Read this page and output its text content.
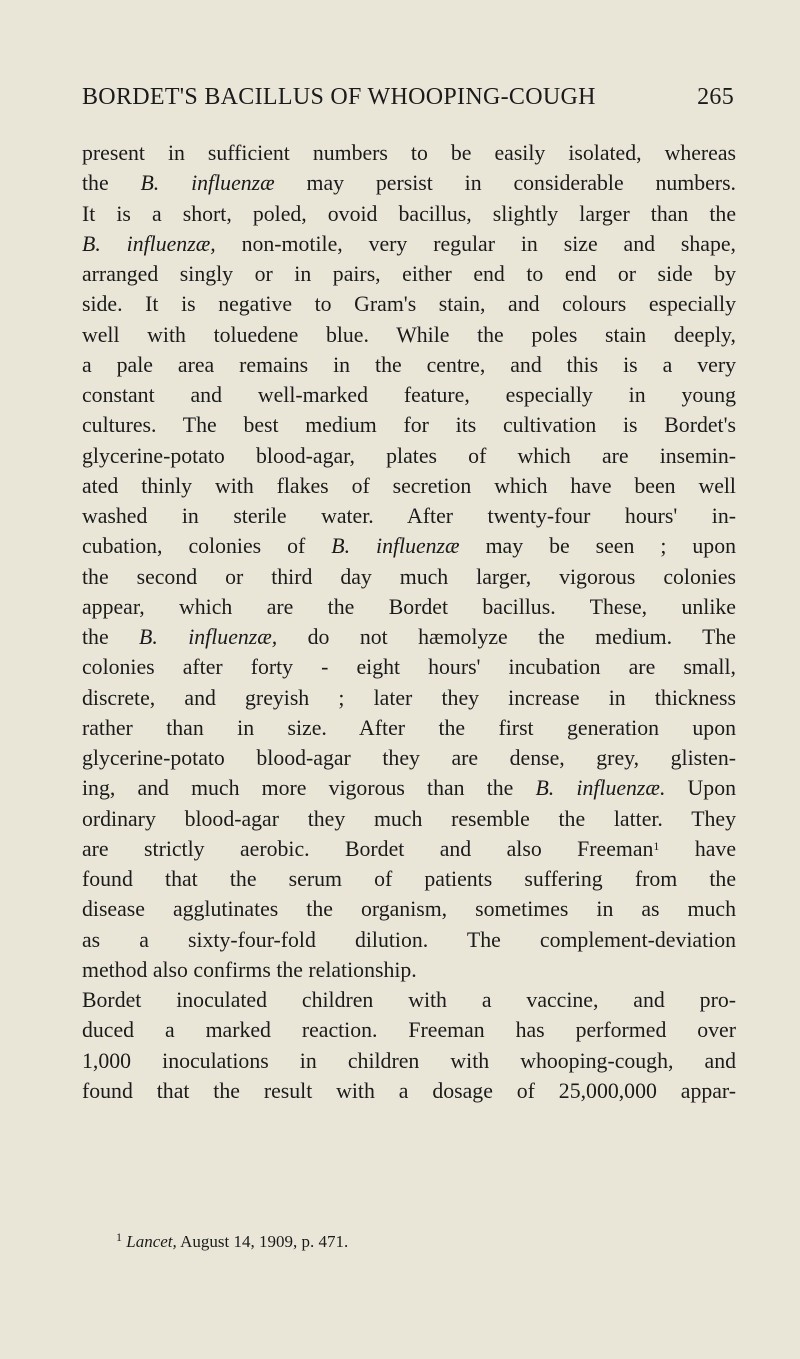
BORDET'S BACILLUS OF WHOOPING-COUGH	265
present in sufficient numbers to be easily isolated, whereas
the B. influenzæ may persist in considerable numbers.
It is a short, poled, ovoid bacillus, slightly larger than the
B. influenzæ, non-motile, very regular in size and shape,
arranged singly or in pairs, either end to end or side by
side. It is negative to Gram's stain, and colours especially
well with toluedene blue. While the poles stain deeply,
a pale area remains in the centre, and this is a very
constant and well-marked feature, especially in young
cultures. The best medium for its cultivation is Bordet's
glycerine-potato blood-agar, plates of which are insemin-
ated thinly with flakes of secretion which have been well
washed in sterile water. After twenty-four hours' in-
cubation, colonies of B. influenzæ may be seen ; upon
the second or third day much larger, vigorous colonies
appear, which are the Bordet bacillus. These, unlike
the B. influenzæ, do not hæmolyze the medium. The
colonies after forty - eight hours' incubation are small,
discrete, and greyish ; later they increase in thickness
rather than in size. After the first generation upon
glycerine-potato blood-agar they are dense, grey, glisten-
ing, and much more vigorous than the B. influenzæ. Upon
ordinary blood-agar they much resemble the latter. They
are strictly aerobic. Bordet and also Freeman$^1$ have
found that the serum of patients suffering from the
disease agglutinates the organism, sometimes in as much
as a sixty-four-fold dilution. The complement-deviation
method also confirms the relationship.
Bordet inoculated children with a vaccine, and pro-
duced a marked reaction. Freeman has performed over
1,000 inoculations in children with whooping-cough, and
found that the result with a dosage of 25,000,000 appar-
$^1$ Lancet, August 14, 1909, p. 471.
